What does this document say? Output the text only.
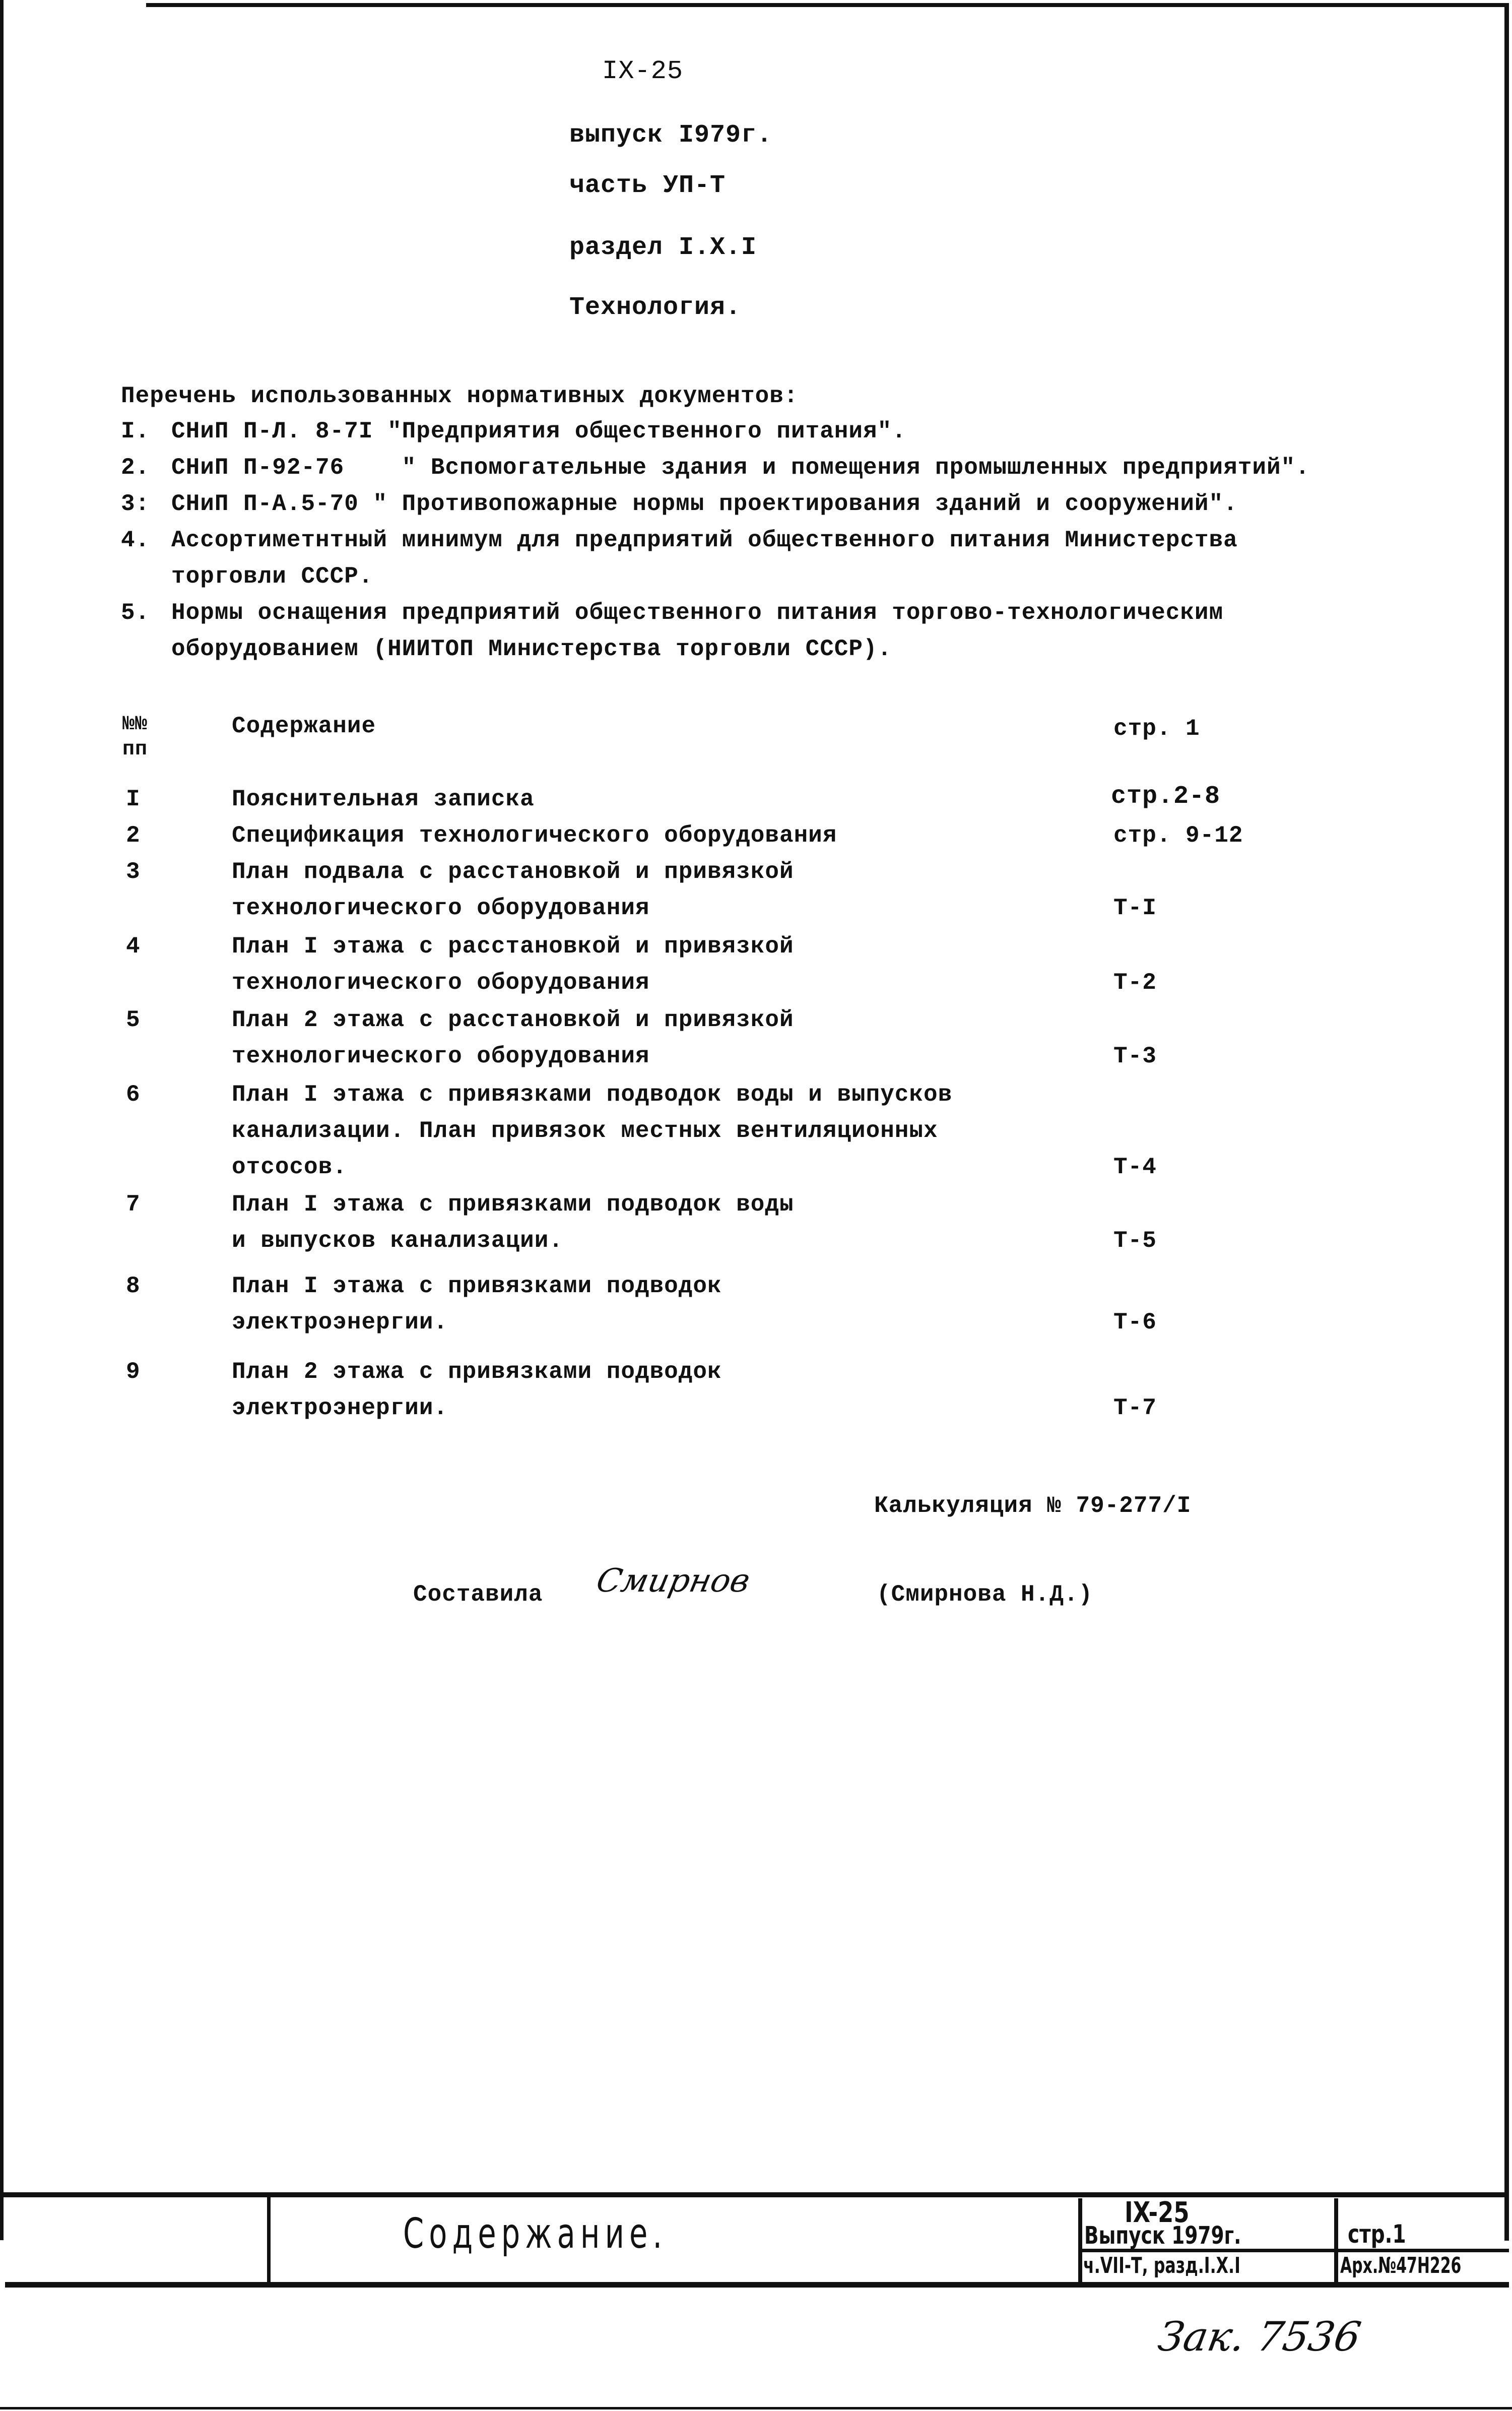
IX-25
выпуск I979г.
часть УП-Т
раздел I.X.I
Технология.
Перечень использованных нормативных документов:
I. СНиП П-Л. 8-7I "Предприятия общественного питания".
2. СНиП П-92-76    " Вспомогательные здания и помещения промышленных предприятий".
3: СНиП П-А.5-70 " Противопожарные нормы проектирования зданий и сооружений".
4. Ассортиметнтный минимум для предприятий общественного питания Министерства
торговли СССР.
5. Нормы оснащения предприятий общественного питания торгово-технологическим
оборудованием (НИИТОП Министерства торговли СССР).
№№
пп
Содержание	стр. 1
I	Пояснительная записка	стр.2-8
2	Спецификация технологического оборудования	стр. 9-12
3	План подвала с расстановкой и привязкой
технологического оборудования	Т-I
4	План I этажа с расстановкой и привязкой
технологического оборудования	Т-2
5	План 2 этажа с расстановкой и привязкой
технологического оборудования	Т-3
6	План I этажа с привязками подводок воды и выпусков
канализации. План привязок местных вентиляционных
отсосов.	Т-4
7	План I этажа с привязками подводок воды
и выпусков канализации.	Т-5
8	План I этажа с привязками подводок
электроэнергии.	Т-6
9	План 2 этажа с привязками подводок
электроэнергии.	Т-7
Калькуляция № 79-277/I
Составила Смирнов	(Смирнова Н.Д.)
Содержание.	IX-25
Выпуск 1979г.	стр.1
ч.VII-Т, разд.I.X.I	Арх.№47Н226
Зак. 7536
